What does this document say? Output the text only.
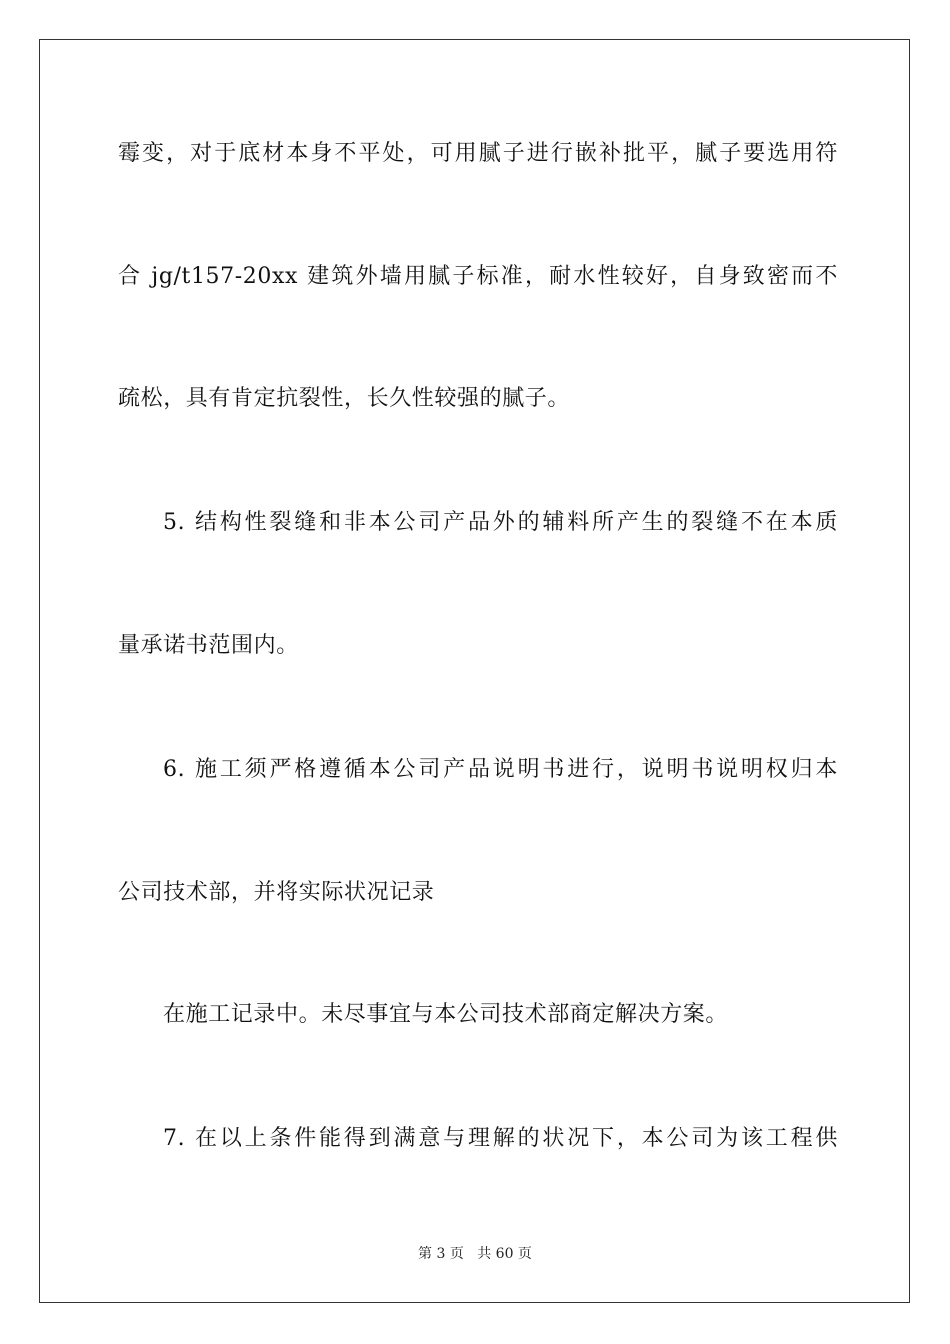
霉变，对于底材本身不平处，可用腻子进行嵌补批平，腻子要选用符
合 jg/t157-20xx 建筑外墙用腻子标准，耐水性较好，自身致密而不
疏松，具有肯定抗裂性，长久性较强的腻子。
5. 结构性裂缝和非本公司产品外的辅料所产生的裂缝不在本质
量承诺书范围内。
6. 施工须严格遵循本公司产品说明书进行，说明书说明权归本
公司技术部，并将实际状况记录
在施工记录中。未尽事宜与本公司技术部商定解决方案。
7. 在以上条件能得到满意与理解的状况下，本公司为该工程供
第 3 页 共 60 页
